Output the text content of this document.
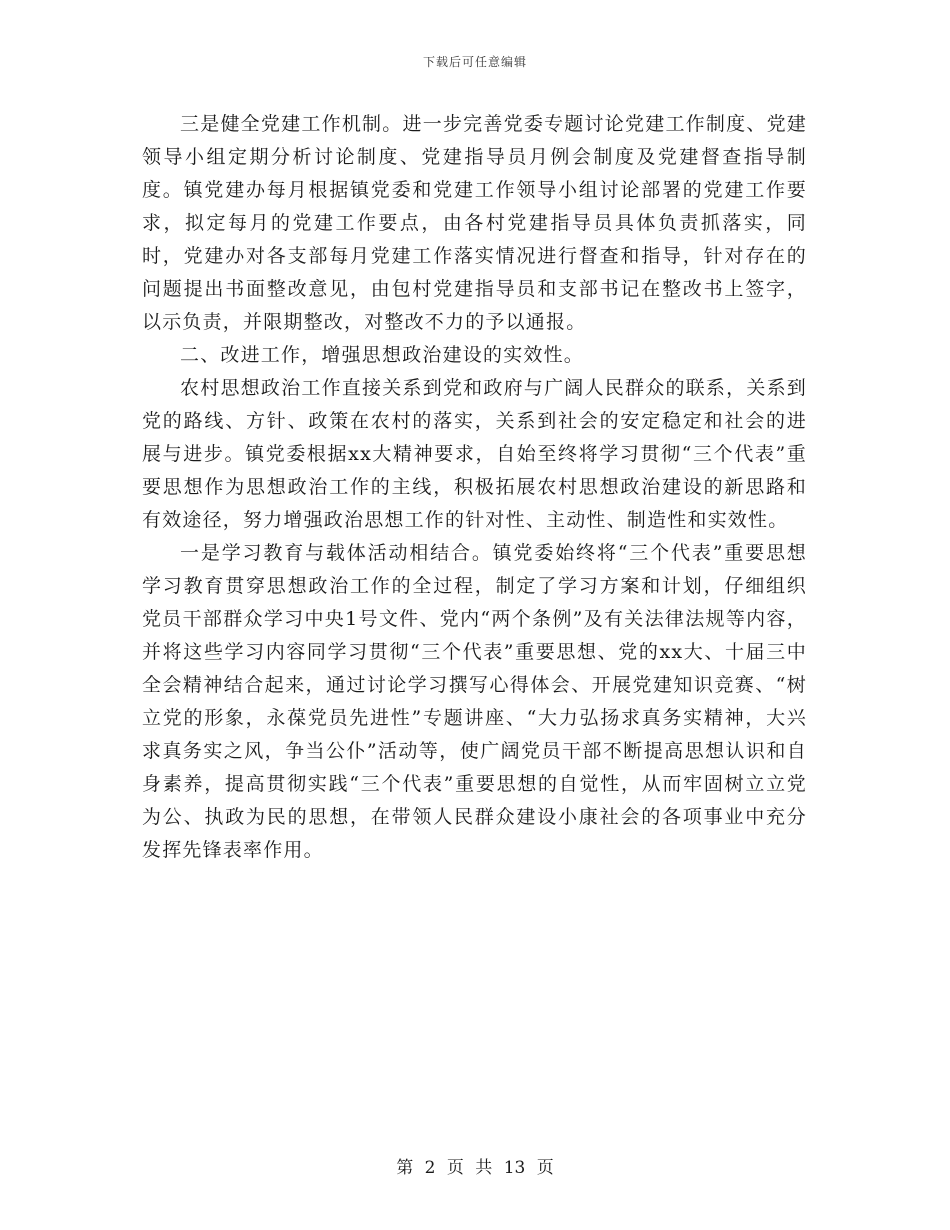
下载后可任意编辑

三是健全党建工作机制。进一步完善党委专题讨论党建工作制度、党建领导小组定期分析讨论制度、党建指导员月例会制度及党建督查指导制度。镇党建办每月根据镇党委和党建工作领导小组讨论部署的党建工作要求，拟定每月的党建工作要点，由各村党建指导员具体负责抓落实，同时，党建办对各支部每月党建工作落实情况进行督查和指导，针对存在的问题提出书面整改意见，由包村党建指导员和支部书记在整改书上签字，以示负责，并限期整改，对整改不力的予以通报。

二、改进工作，增强思想政治建设的实效性。

农村思想政治工作直接关系到党和政府与广阔人民群众的联系，关系到党的路线、方针、政策在农村的落实，关系到社会的安定稳定和社会的进展与进步。镇党委根据xx大精神要求，自始至终将学习贯彻“三个代表”重要思想作为思想政治工作的主线，积极拓展农村思想政治建设的新思路和有效途径，努力增强政治思想工作的针对性、主动性、制造性和实效性。

一是学习教育与载体活动相结合。镇党委始终将“三个代表”重要思想学习教育贯穿思想政治工作的全过程，制定了学习方案和计划，仔细组织党员干部群众学习中央1号文件、党内“两个条例”及有关法律法规等内容，并将这些学习内容同学习贯彻“三个代表”重要思想、党的xx大、十届三中全会精神结合起来，通过讨论学习撰写心得体会、开展党建知识竞赛、“树立党的形象，永葆党员先进性”专题讲座、“大力弘扬求真务实精神，大兴求真务实之风，争当公仆”活动等，使广阔党员干部不断提高思想认识和自身素养，提高贯彻实践“三个代表”重要思想的自觉性，从而牢固树立立党为公、执政为民的思想，在带领人民群众建设小康社会的各项事业中充分发挥先锋表率作用。

第 2 页 共 13 页
